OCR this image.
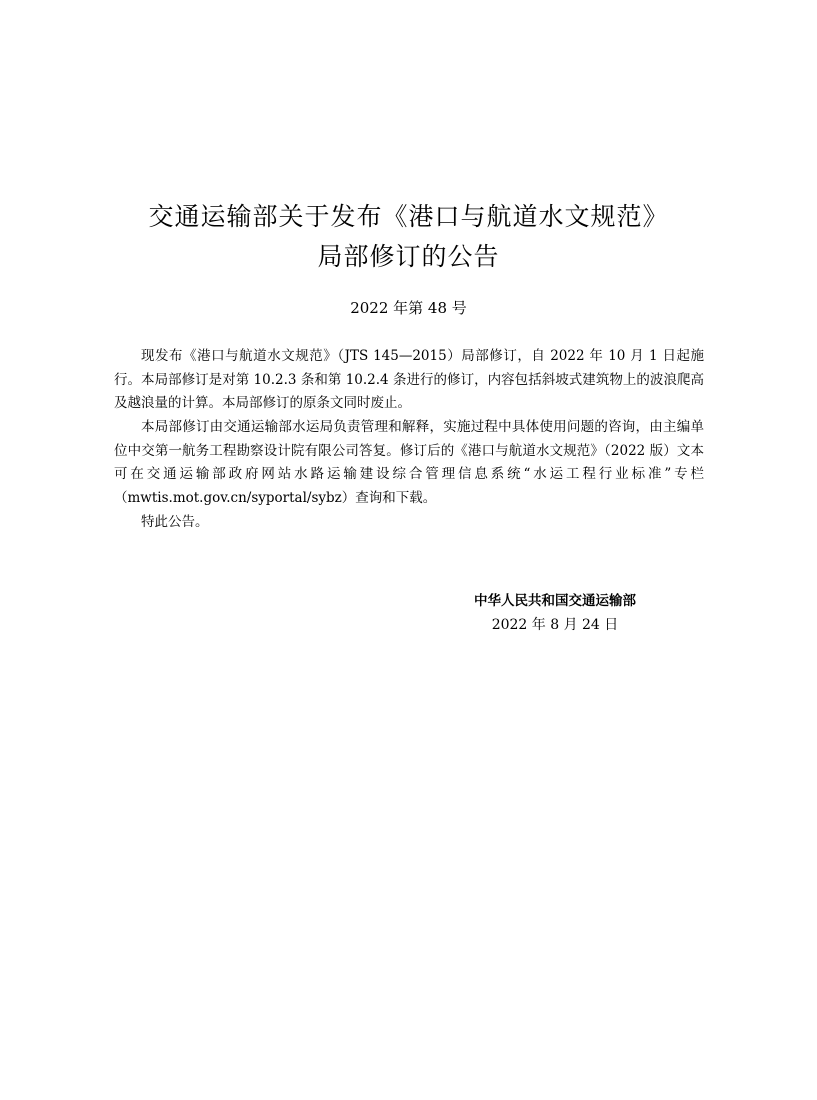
交通运输部关于发布《港口与航道水文规范》
局部修订的公告
2022 年第 48 号

现发布《港口与航道水文规范》（JTS 145—2015）局部修订，自 2022 年 10 月 1 日起施行。本局部修订是对第 10.2.3 条和第 10.2.4 条进行的修订，内容包括斜坡式建筑物上的波浪爬高及越浪量的计算。本局部修订的原条文同时废止。

本局部修订由交通运输部水运局负责管理和解释，实施过程中具体使用问题的咨询，由主编单位中交第一航务工程勘察设计院有限公司答复。修订后的《港口与航道水文规范》（2022 版）文本可在交通运输部政府网站水路运输建设综合管理信息系统“水运工程行业标准”专栏（mwtis.mot.gov.cn/syportal/sybz）查询和下载。

特此公告。

中华人民共和国交通运输部
2022 年 8 月 24 日
